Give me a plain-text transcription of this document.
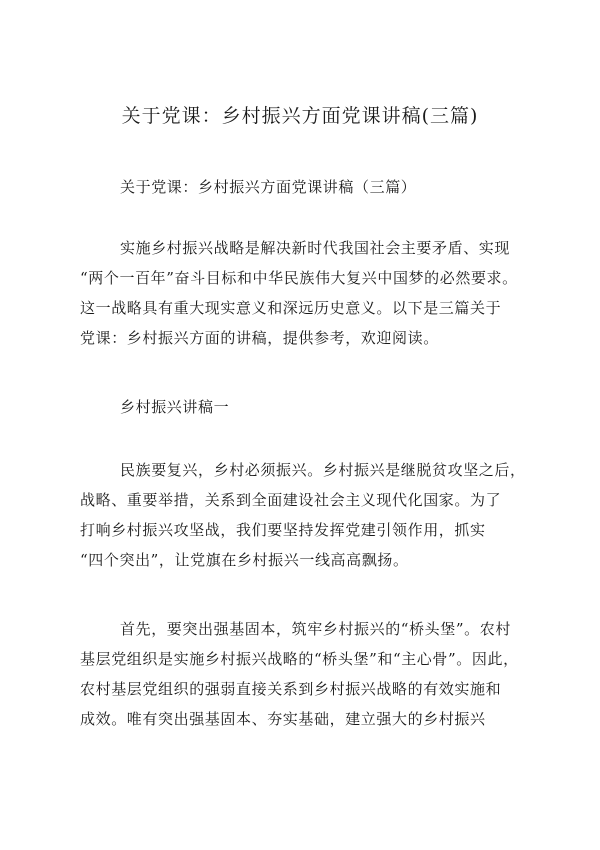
关于党课：乡村振兴方面党课讲稿(三篇)
关于党课：乡村振兴方面党课讲稿（三篇）
实施乡村振兴战略是解决新时代我国社会主要矛盾、实现
“两个一百年”奋斗目标和中华民族伟大复兴中国梦的必然要求。
这一战略具有重大现实意义和深远历史意义。以下是三篇关于
党课：乡村振兴方面的讲稿，提供参考，欢迎阅读。
乡村振兴讲稿一
民族要复兴，乡村必须振兴。乡村振兴是继脱贫攻坚之后，
战略、重要举措，关系到全面建设社会主义现代化国家。为了
打响乡村振兴攻坚战，我们要坚持发挥党建引领作用，抓实
“四个突出”，让党旗在乡村振兴一线高高飘扬。
首先，要突出强基固本，筑牢乡村振兴的“桥头堡”。农村
基层党组织是实施乡村振兴战略的“桥头堡”和“主心骨”。因此，
农村基层党组织的强弱直接关系到乡村振兴战略的有效实施和
成效。唯有突出强基固本、夯实基础，建立强大的乡村振兴
